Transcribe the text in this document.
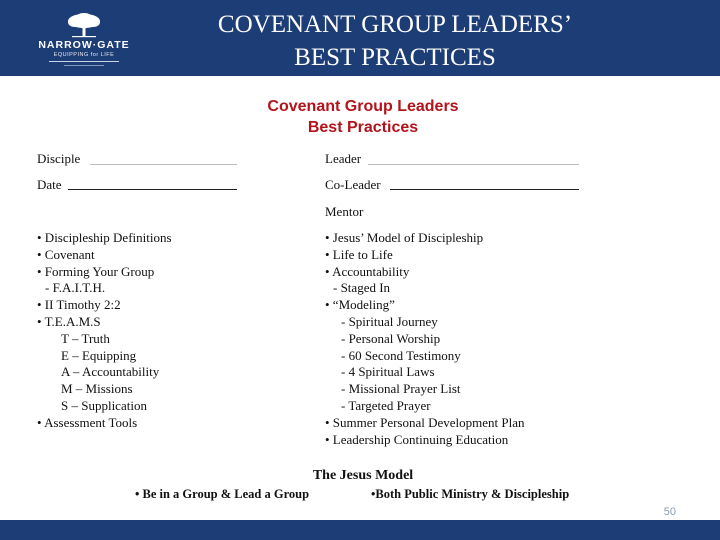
NARROW·GATE
EQUIPPING for LIFE
COVENANT GROUP LEADERS’
BEST PRACTICES
Covenant Group Leaders
Best Practices
Disciple
Date
Leader
Co-Leader
Mentor
• Discipleship Definitions
• Covenant
• Forming Your Group
- F.A.I.T.H.
• II Timothy 2:2
• T.E.A.M.S
T – Truth
E – Equipping
A – Accountability
M – Missions
S – Supplication
• Assessment Tools
• Jesus’ Model of Discipleship
• Life to Life
• Accountability
- Staged In
• “Modeling”
- Spiritual Journey
- Personal Worship
- 60 Second Testimony
- 4 Spiritual Laws
- Missional Prayer List
- Targeted Prayer
• Summer Personal Development Plan
• Leadership Continuing Education
The Jesus Model
• Be in a Group & Lead a Group	•Both Public Ministry & Discipleship
50
